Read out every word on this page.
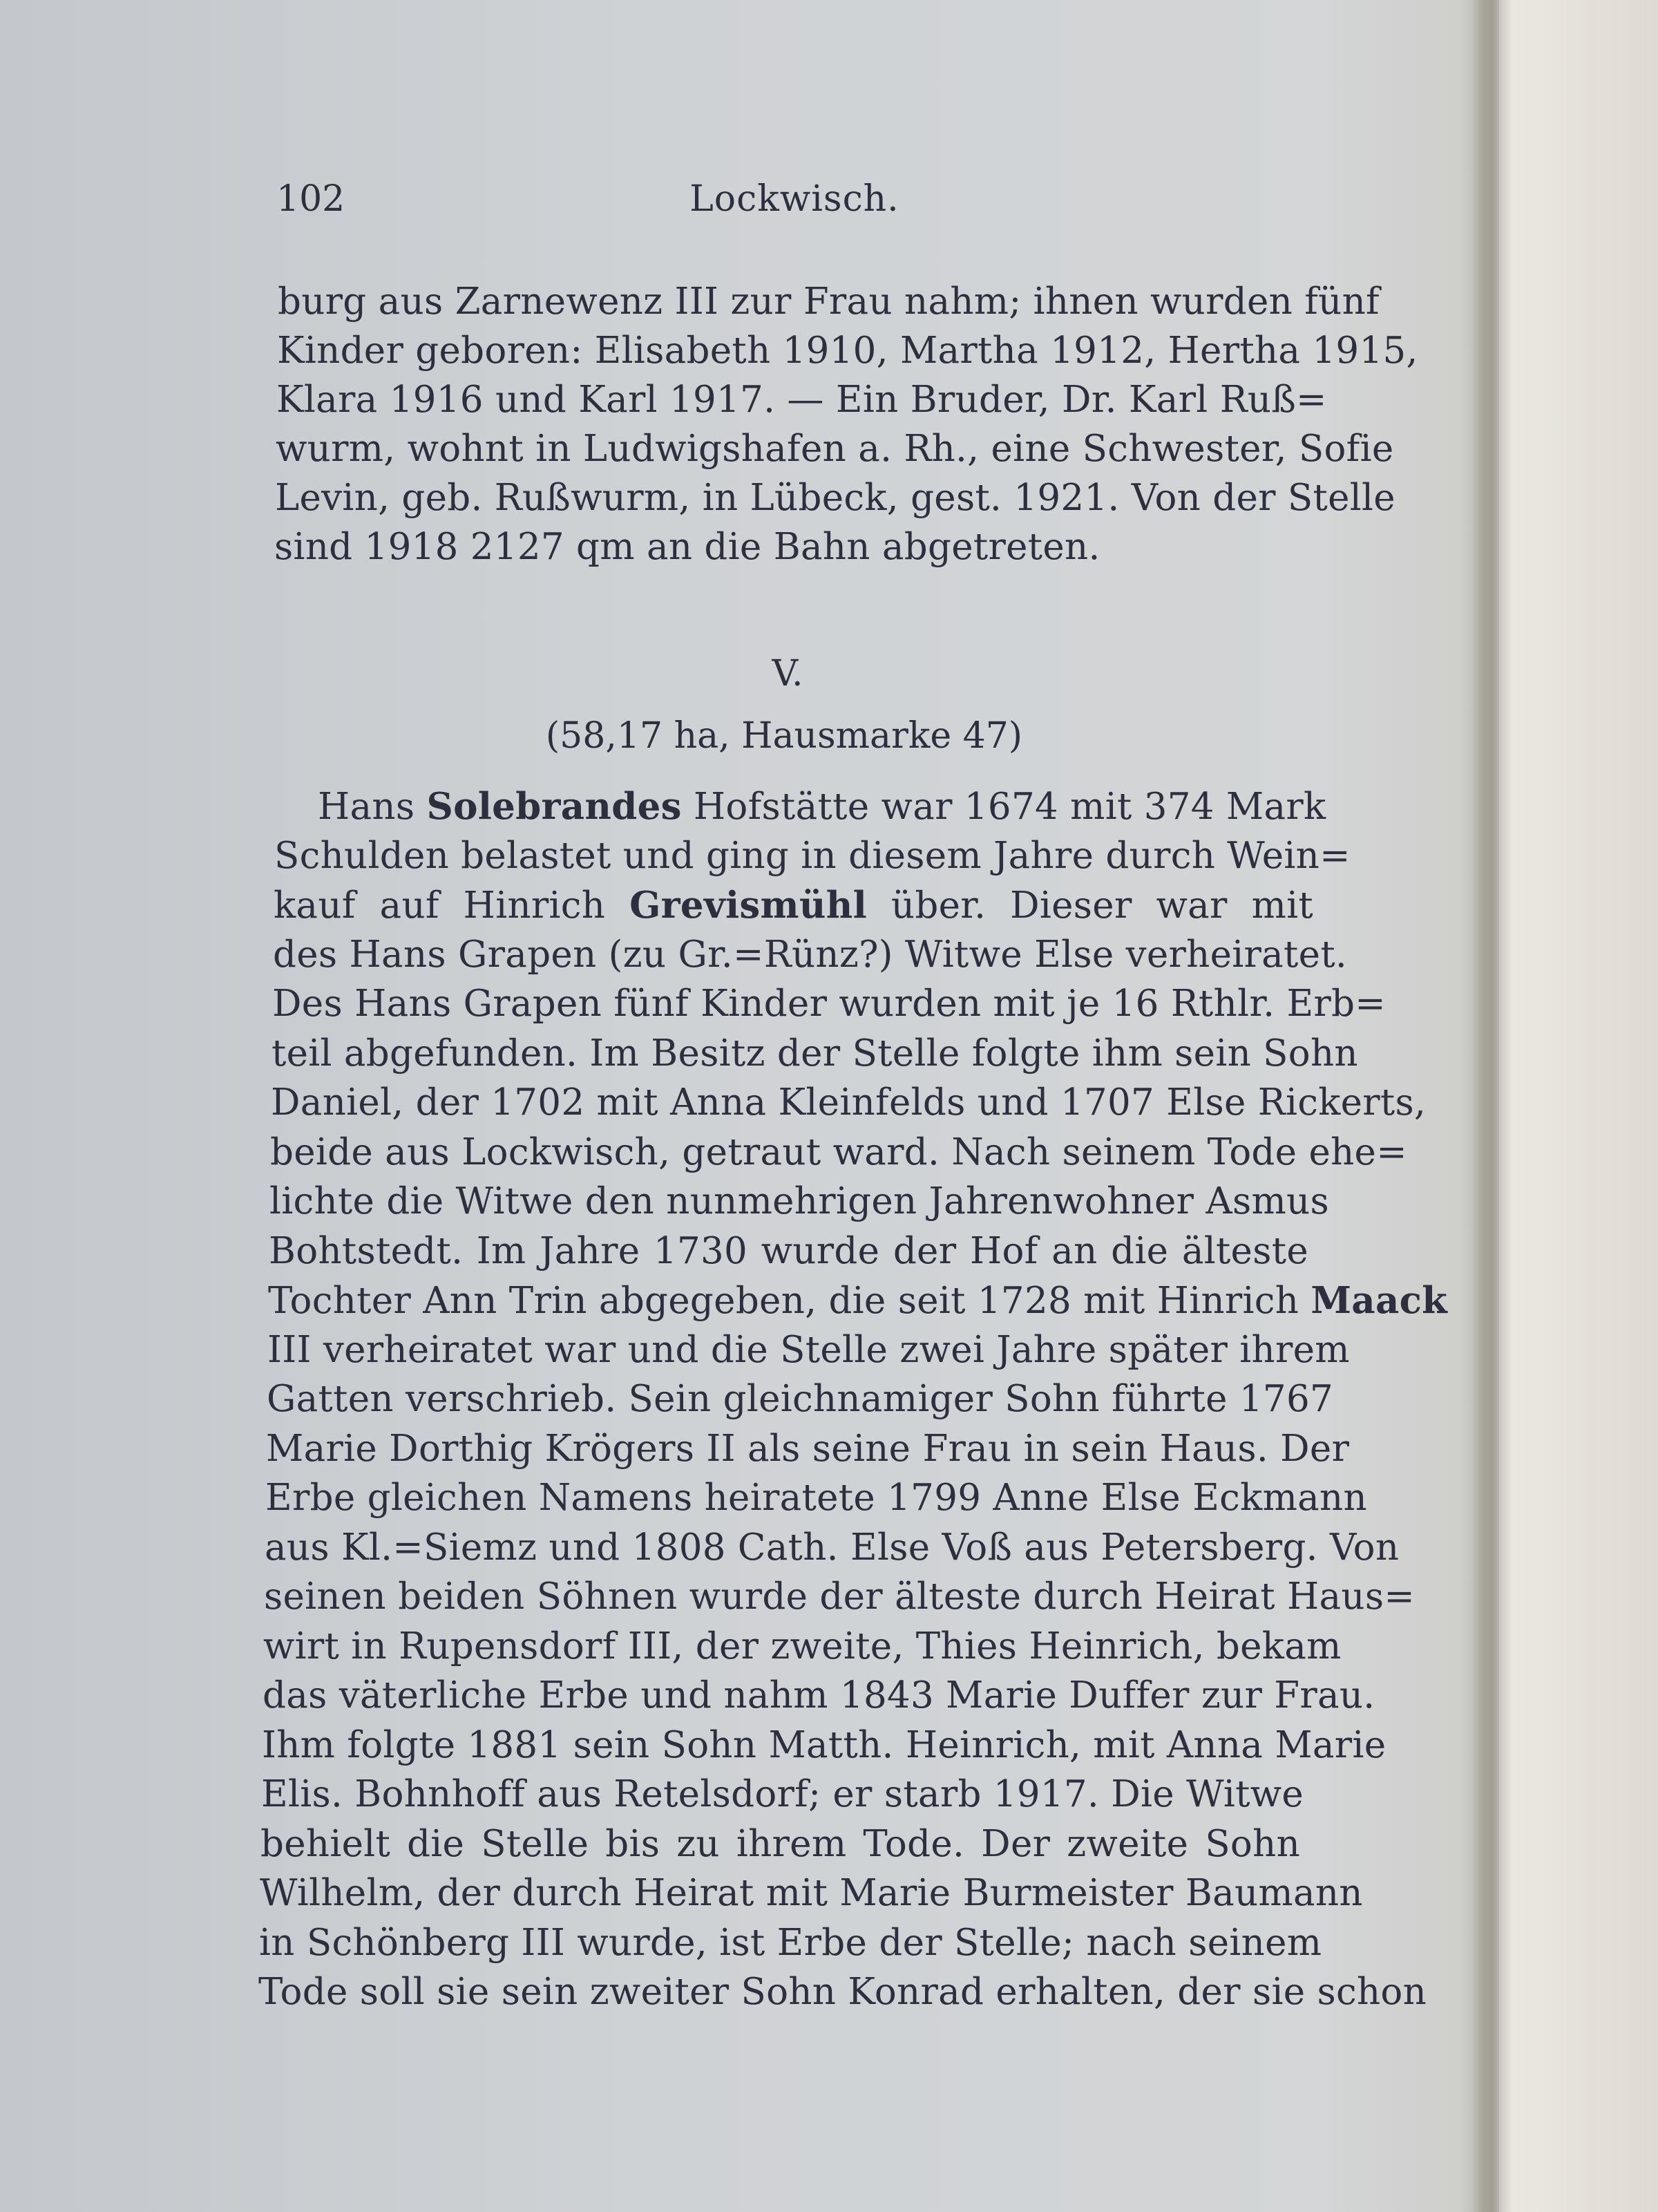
102	Lockwisch.
burg aus Zarnewenz III zur Frau nahm; ihnen wurden fünf
Kinder geboren: Elisabeth 1910, Martha 1912, Hertha 1915,
Klara 1916 und Karl 1917. — Ein Bruder, Dr. Karl Ruß=
wurm, wohnt in Ludwigshafen a. Rh., eine Schwester, Sofie
Levin, geb. Rußwurm, in Lübeck, gest. 1921. Von der Stelle
sind 1918 2127 qm an die Bahn abgetreten.
V.
(58,17 ha, Hausmarke 47)
Hans Solebrandes Hofstätte war 1674 mit 374 Mark
Schulden belastet und ging in diesem Jahre durch Wein=
kauf auf Hinrich Grevismühl über. Dieser war mit
des Hans Grapen (zu Gr.=Rünz?) Witwe Else verheiratet.
Des Hans Grapen fünf Kinder wurden mit je 16 Rthlr. Erb=
teil abgefunden. Im Besitz der Stelle folgte ihm sein Sohn
Daniel, der 1702 mit Anna Kleinfelds und 1707 Else Rickerts,
beide aus Lockwisch, getraut ward. Nach seinem Tode ehe=
lichte die Witwe den nunmehrigen Jahrenwohner Asmus
Bohtstedt. Im Jahre 1730 wurde der Hof an die älteste
Tochter Ann Trin abgegeben, die seit 1728 mit Hinrich Maack
III verheiratet war und die Stelle zwei Jahre später ihrem
Gatten verschrieb. Sein gleichnamiger Sohn führte 1767
Marie Dorthig Krögers II als seine Frau in sein Haus. Der
Erbe gleichen Namens heiratete 1799 Anne Else Eckmann
aus Kl.=Siemz und 1808 Cath. Else Voß aus Petersberg. Von
seinen beiden Söhnen wurde der älteste durch Heirat Haus=
wirt in Rupensdorf III, der zweite, Thies Heinrich, bekam
das väterliche Erbe und nahm 1843 Marie Duffer zur Frau.
Ihm folgte 1881 sein Sohn Matth. Heinrich, mit Anna Marie
Elis. Bohnhoff aus Retelsdorf; er starb 1917. Die Witwe
behielt die Stelle bis zu ihrem Tode. Der zweite Sohn
Wilhelm, der durch Heirat mit Marie Burmeister Baumann
in Schönberg III wurde, ist Erbe der Stelle; nach seinem
Tode soll sie sein zweiter Sohn Konrad erhalten, der sie schon
